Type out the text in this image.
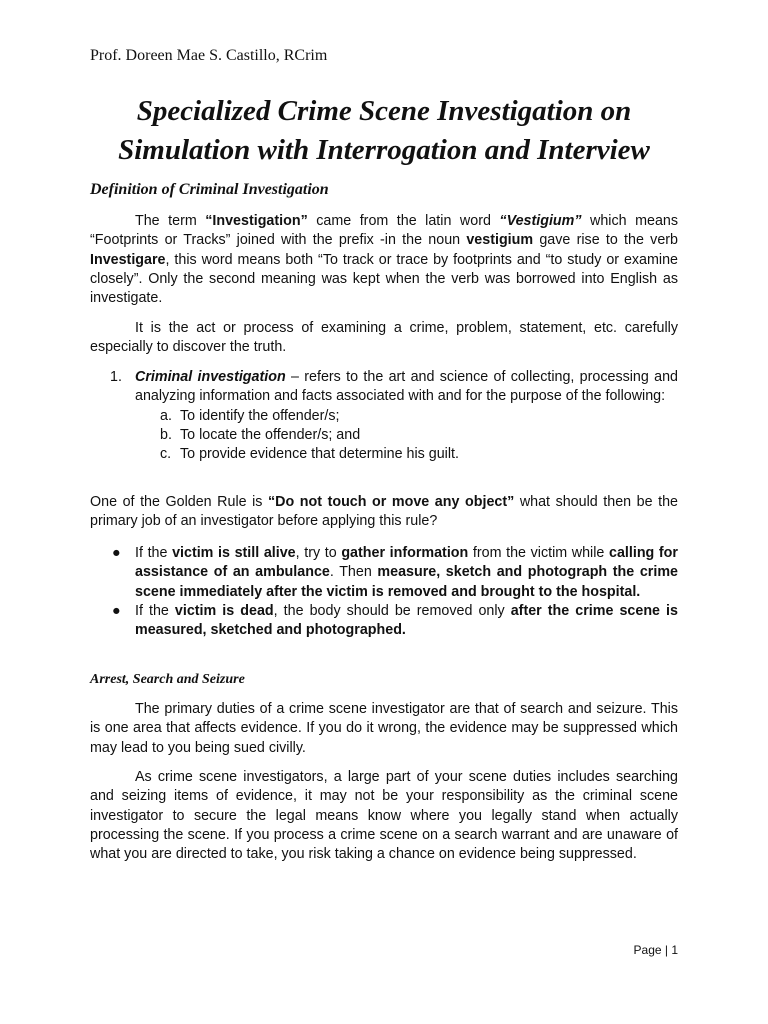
Prof. Doreen Mae S. Castillo, RCrim
Specialized Crime Scene Investigation on
Simulation with Interrogation and Interview
Definition of Criminal Investigation

The term “Investigation” came from the latin word “Vestigium” which means “Footprints or Tracks” joined with the prefix -in the noun vestigium gave rise to the verb Investigare, this word means both “To track or trace by footprints and “to study or examine closely”. Only the second meaning was kept when the verb was borrowed into English as investigate.

It is the act or process of examining a crime, problem, statement, etc. carefully especially to discover the truth.

1. Criminal investigation – refers to the art and science of collecting, processing and analyzing information and facts associated with and for the purpose of the following:
a. To identify the offender/s;
b. To locate the offender/s; and
c. To provide evidence that determine his guilt.

One of the Golden Rule is “Do not touch or move any object” what should then be the primary job of an investigator before applying this rule?

● If the victim is still alive, try to gather information from the victim while calling for assistance of an ambulance. Then measure, sketch and photograph the crime scene immediately after the victim is removed and brought to the hospital.
● If the victim is dead, the body should be removed only after the crime scene is measured, sketched and photographed.
Arrest, Search and Seizure

The primary duties of a crime scene investigator are that of search and seizure. This is one area that affects evidence. If you do it wrong, the evidence may be suppressed which may lead to you being sued civilly.

As crime scene investigators, a large part of your scene duties includes searching and seizing items of evidence, it may not be your responsibility as the criminal scene investigator to secure the legal means know where you legally stand when actually processing the scene. If you process a crime scene on a search warrant and are unaware of what you are directed to take, you risk taking a chance on evidence being suppressed.

Page | 1
